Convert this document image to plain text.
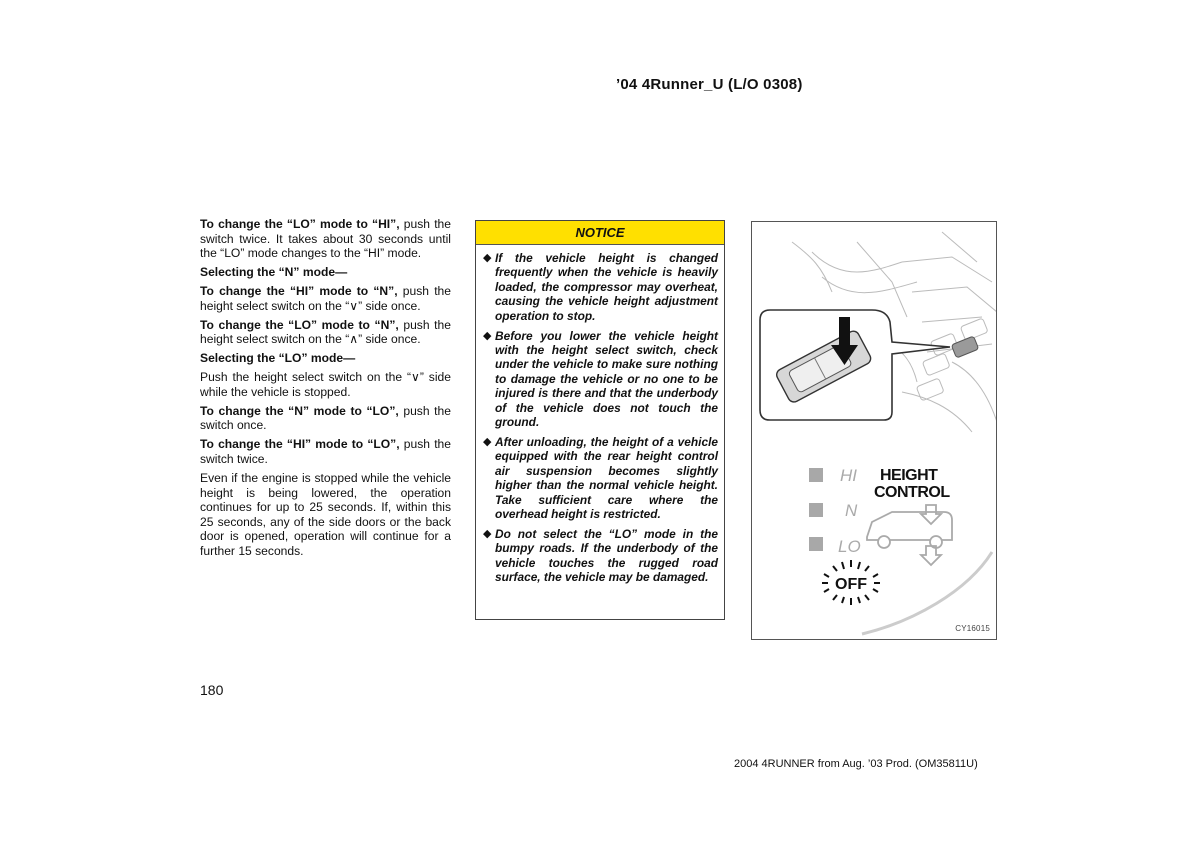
’04 4Runner_U (L/O 0308)

To change the “LO” mode to “HI”, push the switch twice. It takes about 30 seconds until the “LO” mode changes to the “HI” mode.

Selecting the “N” mode—

To change the “HI” mode to “N”, push the height select switch on the “∨” side once.

To change the “LO” mode to “N”, push the height select switch on the “∧” side once.

Selecting the “LO” mode—

Push the height select switch on the “∨” side while the vehicle is stopped.

To change the “N” mode to “LO”, push the switch once.

To change the “HI” mode to “LO”, push the switch twice.

Even if the engine is stopped while the vehicle height is being lowered, the operation continues for up to 25 seconds. If, within this 25 seconds, any of the side doors or the back door is opened, operation will continue for a further 15 seconds.

NOTICE
◆ If the vehicle height is changed frequently when the vehicle is heavily loaded, the compressor may overheat, causing the vehicle height adjustment operation to stop.
◆ Before you lower the vehicle height with the height select switch, check under the vehicle to make sure nothing to damage the vehicle or no one to be injured is there and that the underbody of the vehicle does not touch the ground.
◆ After unloading, the height of a vehicle equipped with the rear height control air suspension becomes slightly higher than the normal vehicle height. Take sufficient care where the overhead height is restricted.
◆ Do not select the “LO” mode in the bumpy roads. If the underbody of the vehicle touches the rugged road surface, the vehicle may be damaged.
HI
N
LO
HEIGHT
CONTROL
OFF
CY16015
180
2004 4RUNNER from Aug. ’03 Prod. (OM35811U)
